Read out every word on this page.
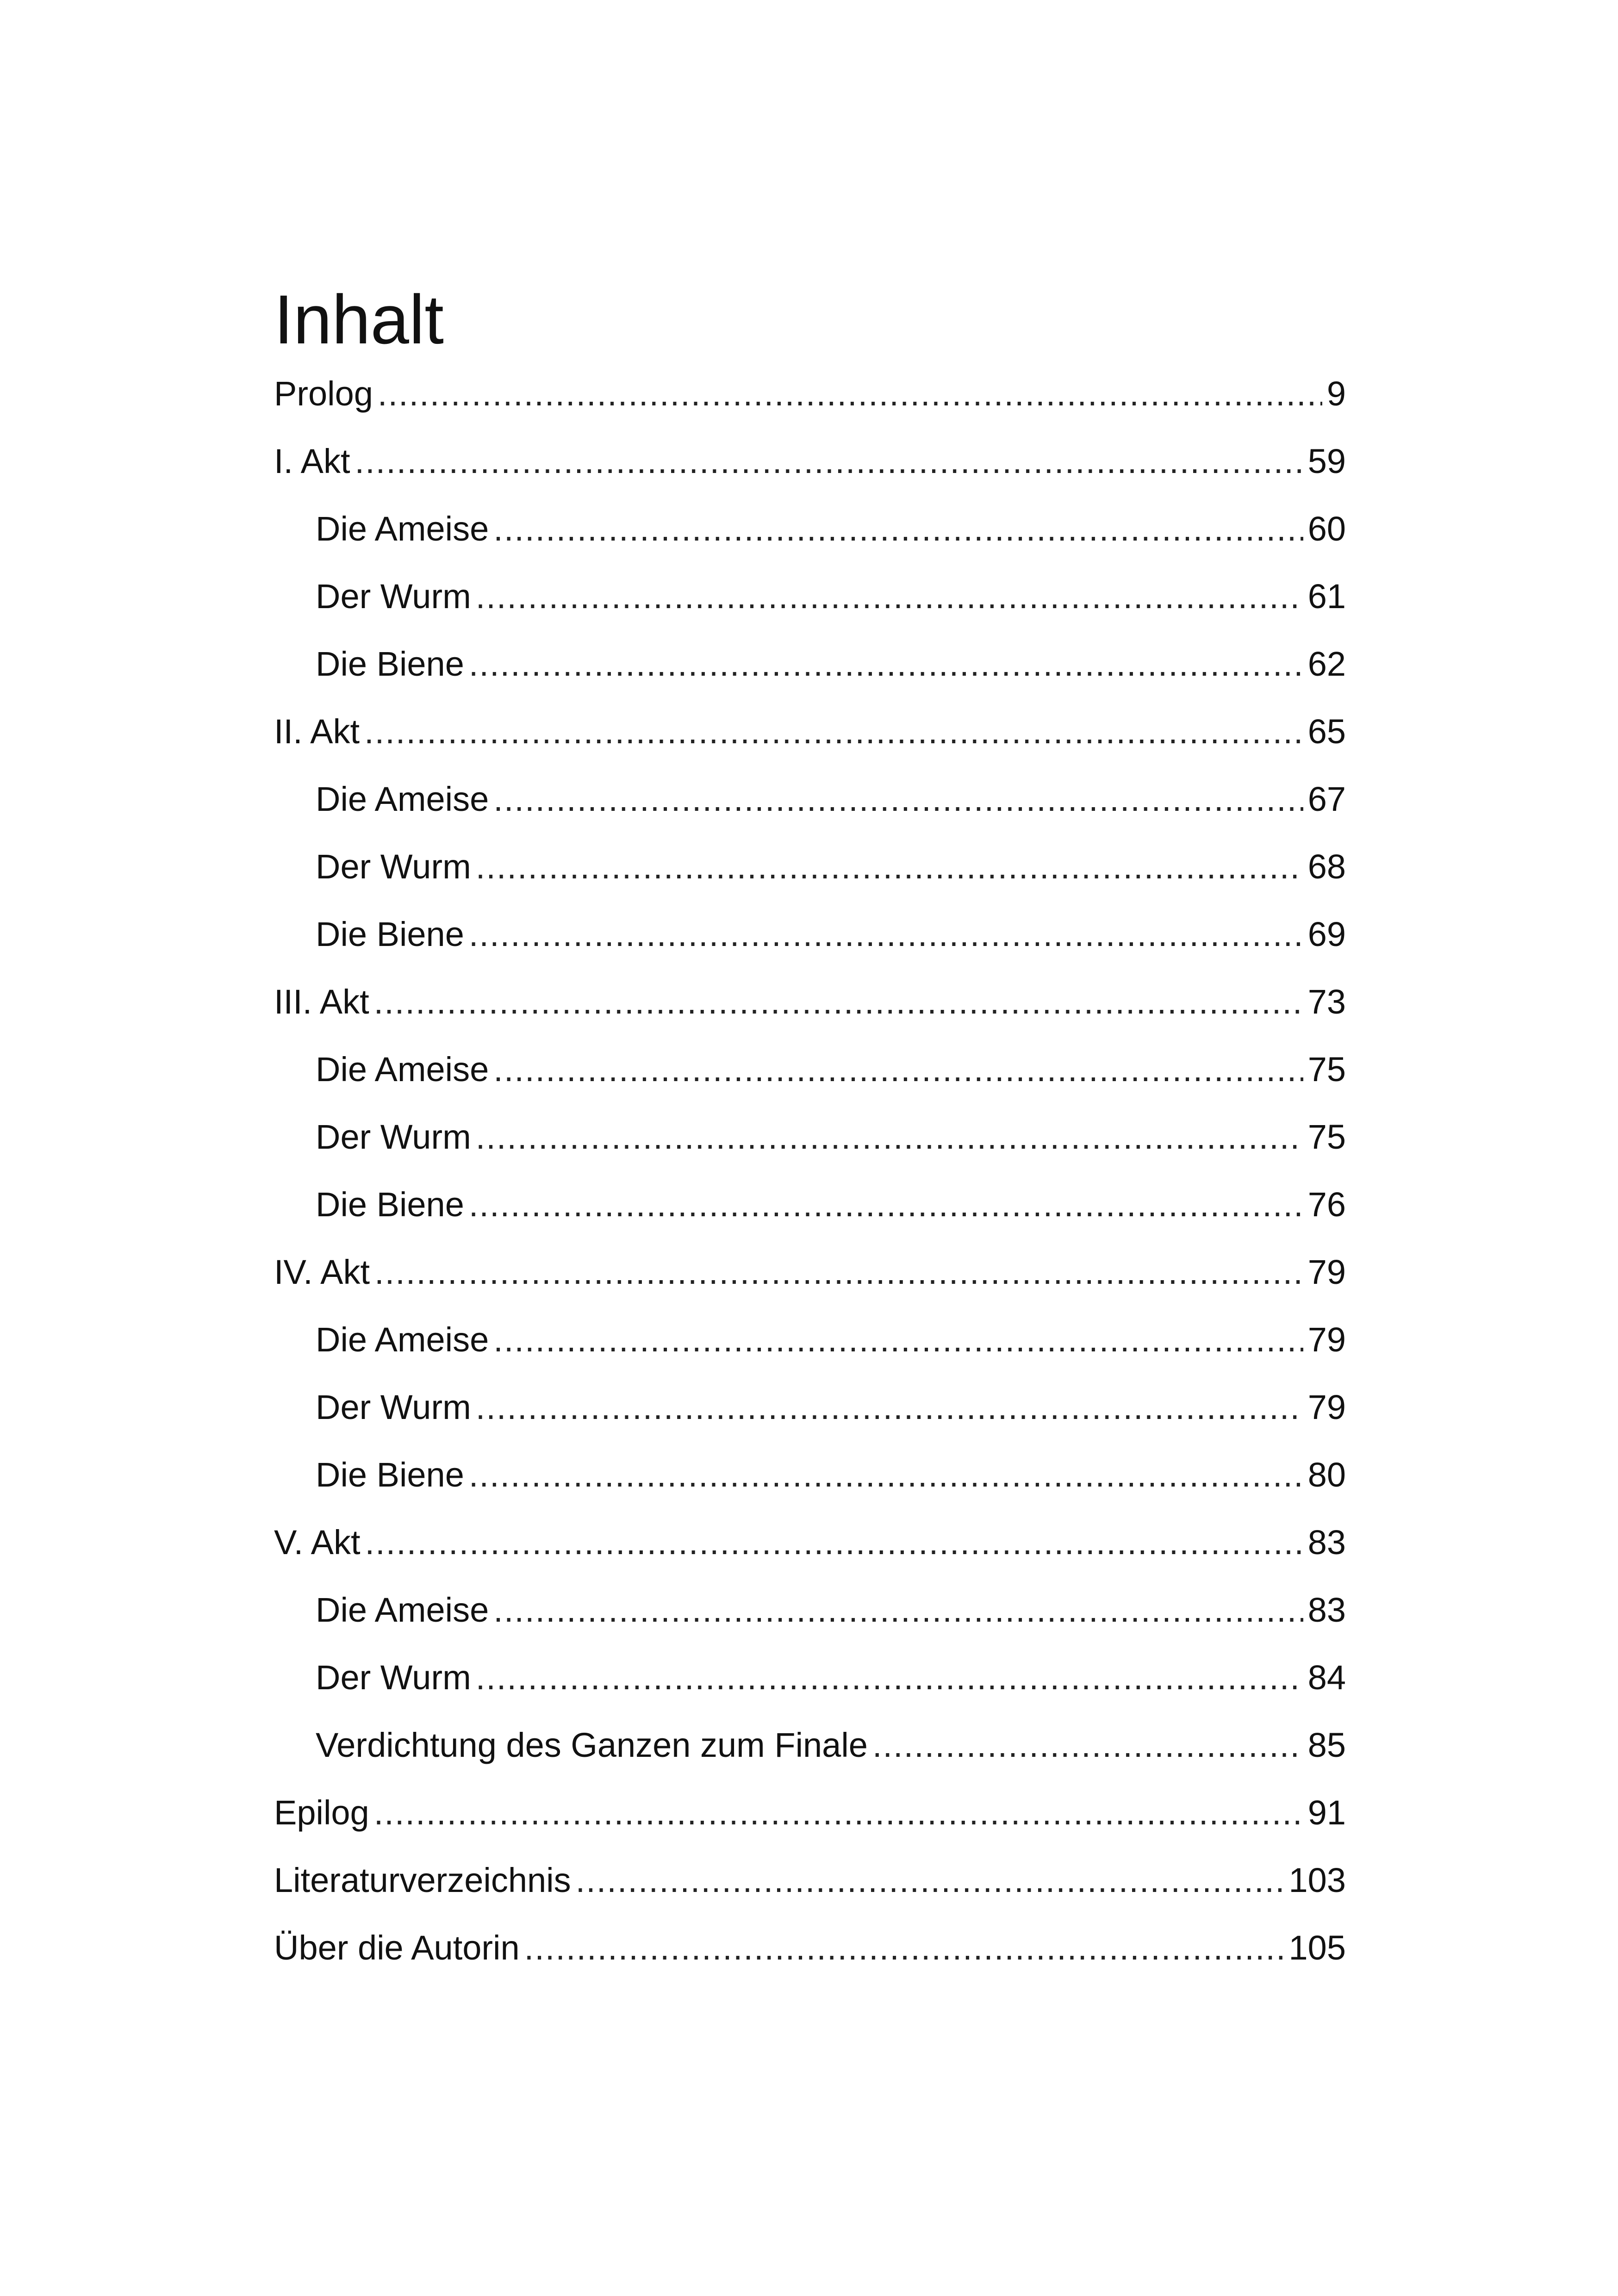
Inhalt
Prolog .....	9
I. Akt .....	59
Die Ameise .....	60
Der Wurm .....	61
Die Biene .....	62
II. Akt .....	65
Die Ameise .....	67
Der Wurm .....	68
Die Biene .....	69
III. Akt .....	73
Die Ameise .....	75
Der Wurm .....	75
Die Biene .....	76
IV. Akt .....	79
Die Ameise .....	79
Der Wurm .....	79
Die Biene .....	80
V. Akt .....	83
Die Ameise .....	83
Der Wurm .....	84
Verdichtung des Ganzen zum Finale .....	85
Epilog .....	91
Literaturverzeichnis .....	103
Über die Autorin .....	105
